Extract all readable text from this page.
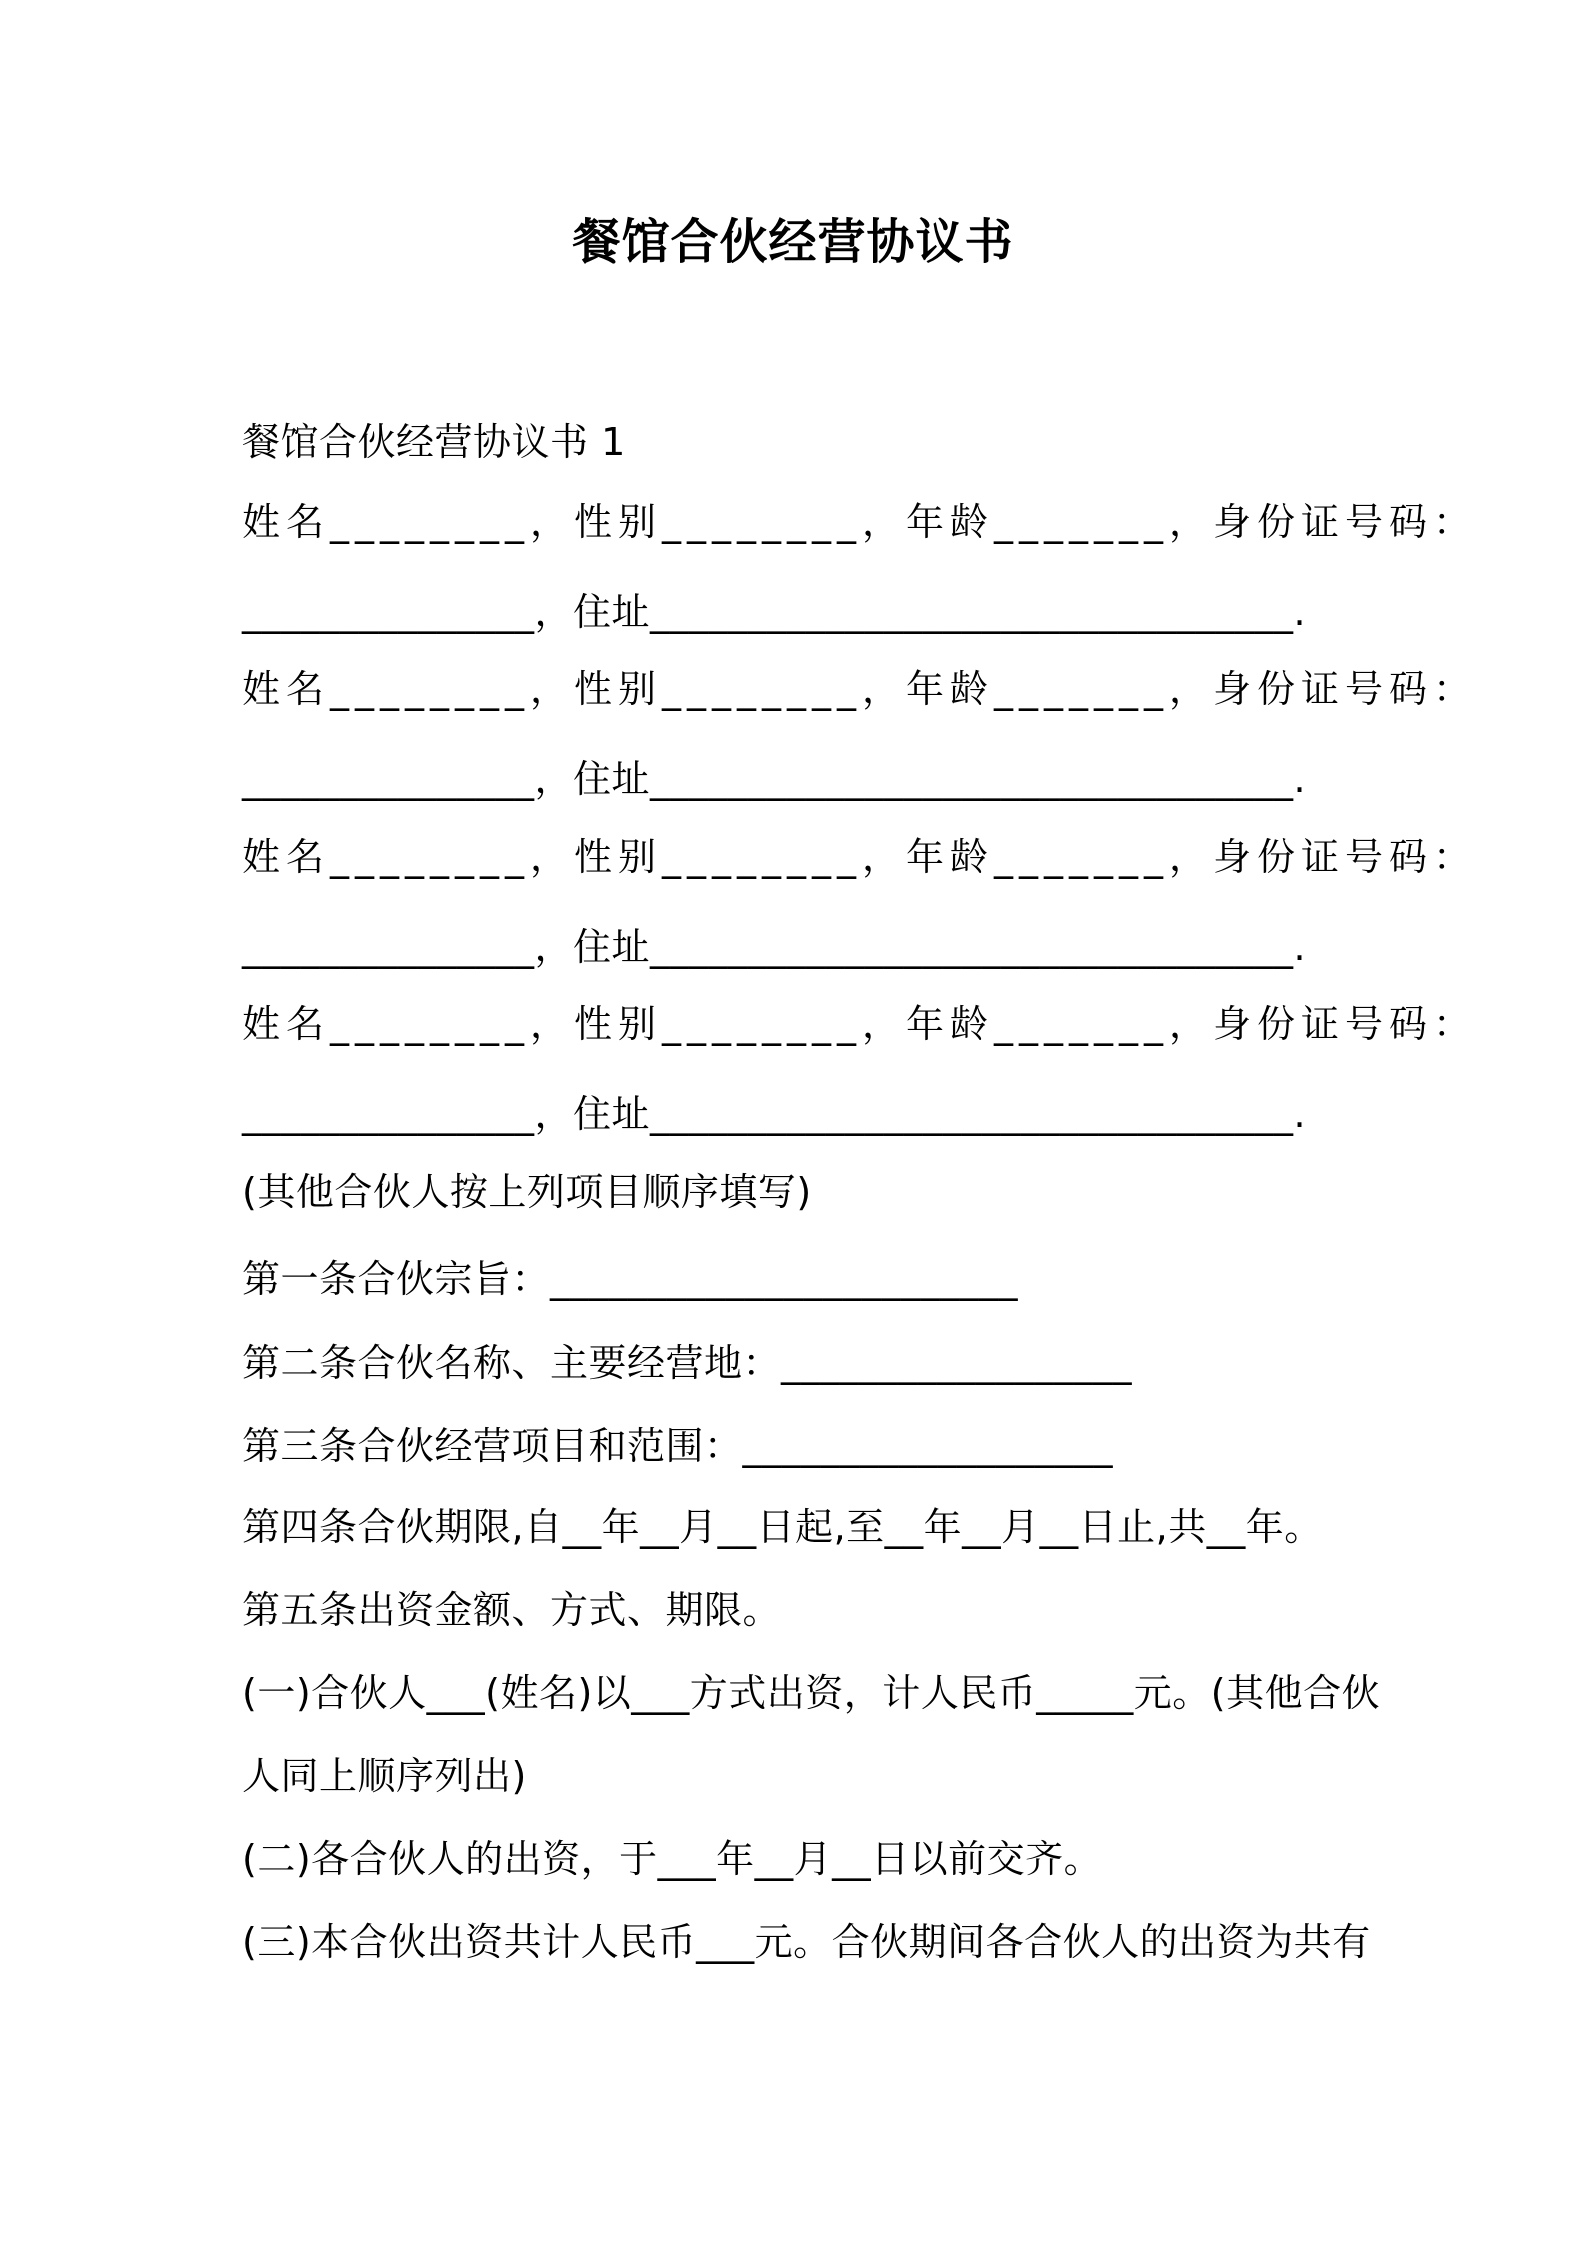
餐馆合伙经营协议书
餐馆合伙经营协议书 1
姓名________，性别________，年龄_______，身份证号码：
_______________，住址_________________________________.
姓名________，性别________，年龄_______，身份证号码：
_______________，住址_________________________________.
姓名________，性别________，年龄_______，身份证号码：
_______________，住址_________________________________.
姓名________，性别________，年龄_______，身份证号码：
_______________，住址_________________________________.
(其他合伙人按上列项目顺序填写)
第一条合伙宗旨：________________________
第二条合伙名称、主要经营地：__________________
第三条合伙经营项目和范围：___________________
第四条合伙期限,自__年__月__日起,至__年__月__日止,共__年。
第五条出资金额、方式、期限。
(一)合伙人___(姓名)以___方式出资，计人民币_____元。(其他合伙
人同上顺序列出)
(二)各合伙人的出资，于___年__月__日以前交齐。
(三)本合伙出资共计人民币___元。合伙期间各合伙人的出资为共有
